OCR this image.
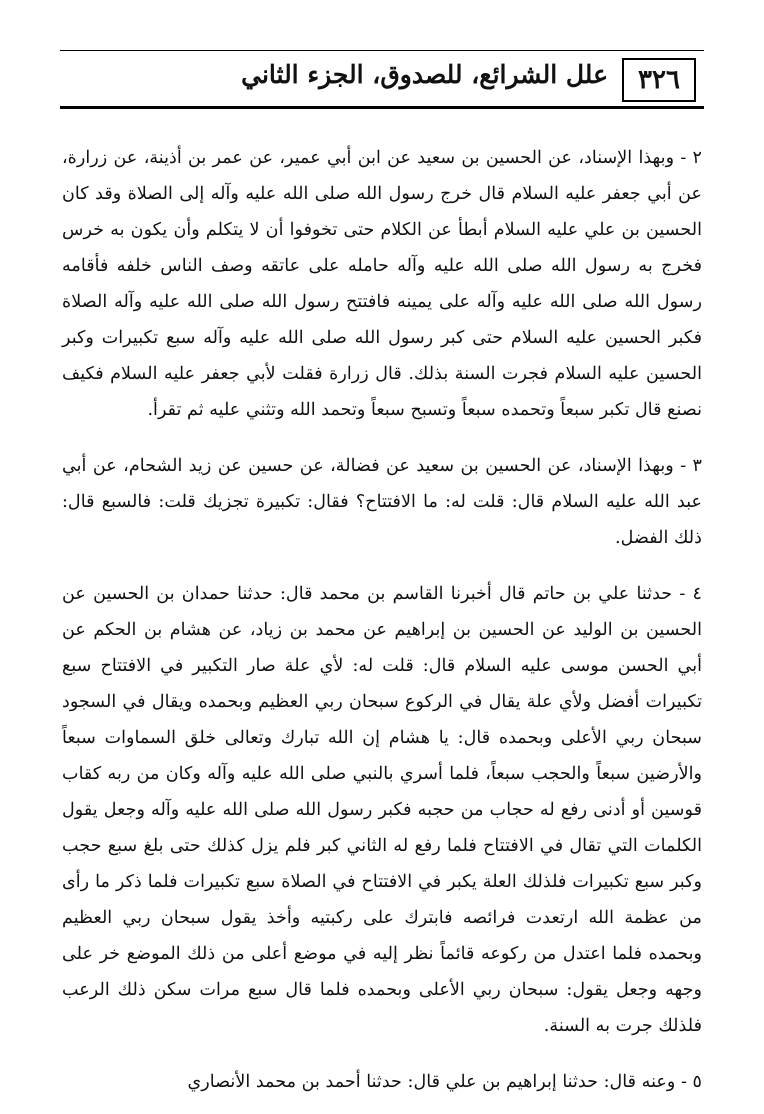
٣٢٦
علل الشرائع، للصدوق، الجزء الثاني

٢ - وبهذا الإسناد، عن الحسين بن سعيد عن ابن أبي عمير، عن عمر بن أذينة، عن زرارة، عن أبي جعفر عليه السلام قال خرج رسول الله صلى الله عليه وآله إلى الصلاة وقد كان الحسين بن علي عليه السلام أبطأ عن الكلام حتى تخوفوا أن لا يتكلم وأن يكون به خرس فخرج به رسول الله صلى الله عليه وآله حامله على عاتقه وصف الناس خلفه فأقامه رسول الله صلى الله عليه وآله على يمينه فافتتح رسول الله صلى الله عليه وآله الصلاة فكبر الحسين عليه السلام حتى كبر رسول الله صلى الله عليه وآله سبع تكبيرات وكبر الحسين عليه السلام فجرت السنة بذلك. قال زرارة فقلت لأبي جعفر عليه السلام فكيف نصنع قال تكبر سبعاً وتحمده سبعاً وتسبح سبعاً وتحمد الله وتثني عليه ثم تقرأ.

٣ - وبهذا الإسناد، عن الحسين بن سعيد عن فضالة، عن حسين عن زيد الشحام، عن أبي عبد الله عليه السلام قال: قلت له: ما الافتتاح؟ فقال: تكبيرة تجزيك قلت: فالسبع قال: ذلك الفضل.

٤ - حدثنا علي بن حاتم قال أخبرنا القاسم بن محمد قال: حدثنا حمدان بن الحسين عن الحسين بن الوليد عن الحسين بن إبراهيم عن محمد بن زياد، عن هشام بن الحكم عن أبي الحسن موسى عليه السلام قال: قلت له: لأي علة صار التكبير في الافتتاح سبع تكبيرات أفضل ولأي علة يقال في الركوع سبحان ربي العظيم وبحمده ويقال في السجود سبحان ربي الأعلى وبحمده قال: يا هشام إن الله تبارك وتعالى خلق السماوات سبعاً والأرضين سبعاً والحجب سبعاً، فلما أسري بالنبي صلى الله عليه وآله وكان من ربه كقاب قوسين أو أدنى رفع له حجاب من حجبه فكبر رسول الله صلى الله عليه وآله وجعل يقول الكلمات التي تقال في الافتتاح فلما رفع له الثاني كبر فلم يزل كذلك حتى بلغ سبع حجب وكبر سبع تكبيرات فلذلك العلة يكبر في الافتتاح في الصلاة سبع تكبيرات فلما ذكر ما رأى من عظمة الله ارتعدت فرائصه فابترك على ركبتيه وأخذ يقول سبحان ربي العظيم وبحمده فلما اعتدل من ركوعه قائماً نظر إليه في موضع أعلى من ذلك الموضع خر على وجهه وجعل يقول: سبحان ربي الأعلى وبحمده فلما قال سبع مرات سكن ذلك الرعب فلذلك جرت به السنة.

٥ - وعنه قال: حدثنا إبراهيم بن علي قال: حدثنا أحمد بن محمد الأنصاري
